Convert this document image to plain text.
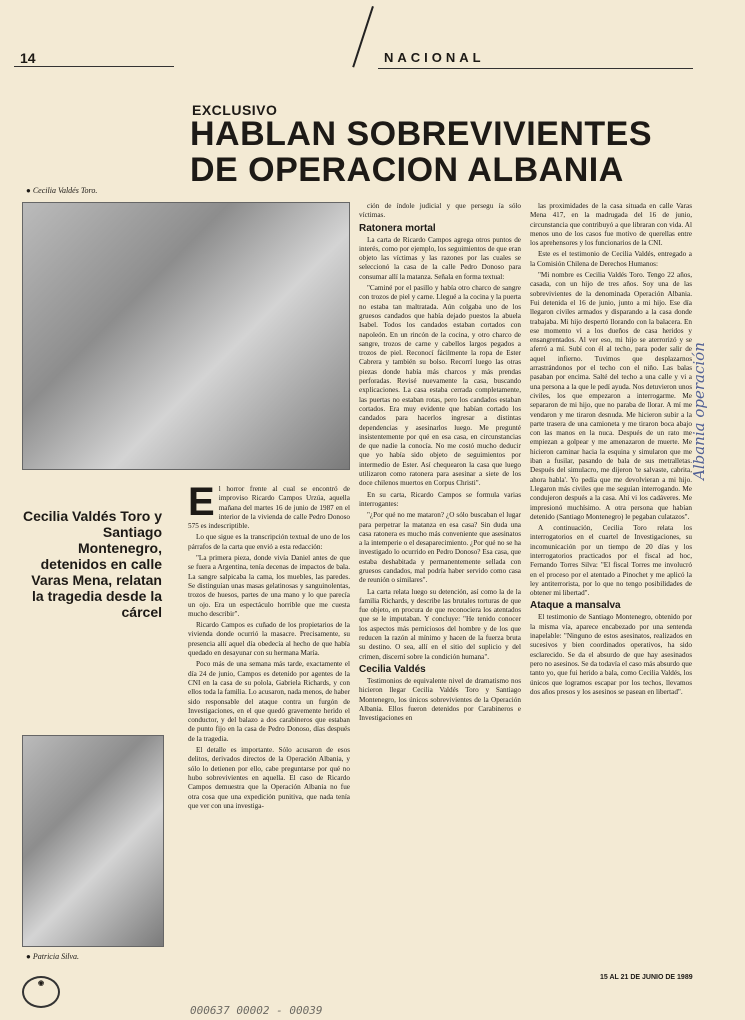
14	NACIONAL
EXCLUSIVO
HABLAN SOBREVIVIENTES
DE OPERACION ALBANIA
● Cecilia Valdés Toro.
Cecilia Valdés Toro y Santiago Montenegro, detenidos en calle Varas Mena, relatan la tragedia desde la cárcel
● Patricia Silva.
E l horror frente al cual se encontró de improviso Ricardo Campos Urzúa, aquella mañana del martes 16 de junio de 1987 en el interior de la vivienda de calle Pedro Donoso 575 es indescriptible.

Lo que sigue es la transcripción textual de uno de los párrafos de la carta que envió a esta redacción:

"La primera pieza, donde vivía Daniel antes de que se fuera a Argentina, tenía decenas de impactos de bala. La sangre salpicaba la cama, los muebles, las paredes. Se distinguían unas masas gelatinosas y sanguinolentas, trozos de huesos, partes de una mano y lo que parecía un ojo. Era un espectáculo horrible que me cuesta mucho describir".

Ricardo Campos es cuñado de los propietarios de la vivienda donde ocurrió la masacre. Precisamente, su presencia allí aquel día obedecía al hecho de que había quedado en desayunar con su hermana María.

Poco más de una semana más tarde, exactamente el día 24 de junio, Campos es detenido por agentes de la CNI en la casa de su polola, Gabriela Richards, y con ellos toda la familia. Lo acusaron, nada menos, de haber sido responsable del ataque contra un furgón de Investigaciones, en el que quedó gravemente herido el conductor, y del balazo a dos carabineros que estaban de punto fijo en la casa de Pedro Donoso, días después de la tragedia.

El detalle es importante. Sólo acusaron de esos delitos, derivados directos de la Operación Albania, y sólo lo detienen por ello, cabe preguntarse por qué no hubo sobrevivientes en aquella. El caso de Ricardo Campos demuestra que la Operación Albania no fue otra cosa que una expedición punitiva, que nada tenía que ver con una investiga-

ción de índole judicial y que persegu ía sólo víctimas.

Ratonera mortal

La carta de Ricardo Campos agrega otros puntos de interés, como por ejemplo, los seguimientos de que eran objeto las víctimas y las razones por las cuales se seleccionó la casa de la calle Pedro Donoso para consumar allí la matanza. Señala en forma textual:

"Caminé por el pasillo y había otro charco de sangre con trozos de piel y carne. Llegué a la cocina y la puerta no estaba tan maltratada. Aún colgaba uno de los gruesos candados que había dejado puestos la abuela Isabel. Todos los candados estaban cortados con napoleón. En un rincón de la cocina, y otro charco de sangre, trozos de carne y cabellos largos pegados a trozos de piel. Reconocí fácilmente la ropa de Ester Cabrera y también su bolso. Recorrí luego las otras piezas donde había más charcos y más prendas perforadas. Revisé nuevamente la casa, buscando explicaciones. La casa estaba cerrada completamente, las puertas no estaban rotas, pero los candados estaban cortados. Era muy evidente que habían cortado los candados para hacerlos ingresar a distintas dependencias y asesinarlos luego. Me pregunté insistentemente por qué en esa casa, en circunstancias de que nadie la conocía. No me costó mucho deducir que yo había sido objeto de seguimientos por intermedio de Ester. Así chequearon la casa que luego utilizaron como ratonera para asesinar a siete de los doce chilenos muertos en Corpus Christi".

En su carta, Ricardo Campos se formula varias interrogantes:

"¿Por qué no me mataron? ¿O sólo buscaban el lugar para perpetrar la matanza en esa casa? Sin duda una casa ratonera es mucho más conveniente que asesinatos a la intemperie o el desaparecimiento. ¿Por qué no se ha investigado lo ocurrido en Pedro Donoso? Esa casa, que estaba deshabitada y permanentemente sellada con gruesos candados, mal podría haber servido como casa de reunión o similares".

La carta relata luego su detención, así como la de la familia Richards, y describe las brutales torturas de que fue objeto, en procura de que reconociera los atentados que se le imputaban. Y concluye: "He tenido conocer los aspectos más perniciosos del hombre y de los que reducen la razón al mínimo y hacen de la fuerza bruta su destino. O sea, allí en el sitio del suplicio y del crimen, discerní sobre la condición humana".

Cecilia Valdés

Testimonios de equivalente nivel de dramatismo nos hicieron llegar Cecilia Valdés Toro y Santiago Montenegro, los únicos sobrevivientes de la Operación Albania. Ellos fueron detenidos por Carabineros e Investigaciones en

las proximidades de la casa situada en calle Varas Mena 417, en la madrugada del 16 de junio, circunstancia que contribuyó a que libraran con vida. Al menos uno de los casos fue motivo de querellas entre los aprehensores y los funcionarios de la CNI.

Este es el testimonio de Cecilia Valdés, entregado a la Comisión Chilena de Derechos Humanos:

"Mi nombre es Cecilia Valdés Toro. Tengo 22 años, casada, con un hijo de tres años. Soy una de las sobrevivientes de la denominada Operación Albania. Fui detenida el 16 de junio, junto a mi hijo. Ese día llegaron civiles armados y disparando a la casa donde trabajaba. Mi hijo despertó llorando con la balacera. En ese momento vi a los dueños de casa heridos y ensangrentados. Al ver eso, mi hijo se aterrorizó y se aferró a mí. Subí con él al techo, para poder salir de aquel infierno. Tuvimos que desplazarnos arrastrándonos por el techo con el niño. Las balas pasaban por encima. Salté del techo a una calle y vi a una persona a la que le pedí ayuda. Nos detuvieron unos civiles, los que empezaron a interrogarme. Me separaron de mi hijo, que no paraba de llorar. A mí me vendaron y me tiraron desnuda. Me hicieron subir a la parte trasera de una camioneta y me tiraron boca abajo con las manos en la nuca. Después de un rato me empiezan a golpear y me amenazaron de muerte. Me hicieron caminar hacia la esquina y simularon que me iban a fusilar, pasando de bala de sus metralletas. Después del simulacro, me dijeron 'te salvaste, cabrita, ahora habla'. Yo pedía que me devolvieran a mi hijo. Llegaron más civiles que me seguían interrogando. Me condujeron después a la casa. Ahí vi los cadáveres. Me impresionó muchísimo. A otra persona que habían detenido (Santiago Montenegro) le pegaban culatazos".

A continuación, Cecilia Toro relata los interrogatorios en el cuartel de Investigaciones, su incomunicación por un tiempo de 20 días y los interrogatorios practicados por el fiscal ad hoc, Fernando Torres Silva: "El fiscal Torres me involucró en el proceso por el atentado a Pinochet y me aplicó la ley antiterrorista, por lo que no tengo posibilidades de obtener mi libertad".

Ataque a mansalva

El testimonio de Santiago Montenegro, obtenido por la misma vía, aparece encabezado por una sentenda inapelable: "Ninguno de estos asesinatos, realizados en sucesivos y bien coordinados operativos, ha sido esclarecido. Se da el absurdo de que hay asesinados pero no asesinos. Se da todavía el caso más absurdo que tanto yo, que fui herido a bala, como Cecilia Valdés, los únicos que logramos escapar por los techos, llevamos dos años presos y los asesinos se pasean en libertad".

Albania operación
◉
15 AL 21 DE JUNIO DE 1989
000637 00002 - 00039
